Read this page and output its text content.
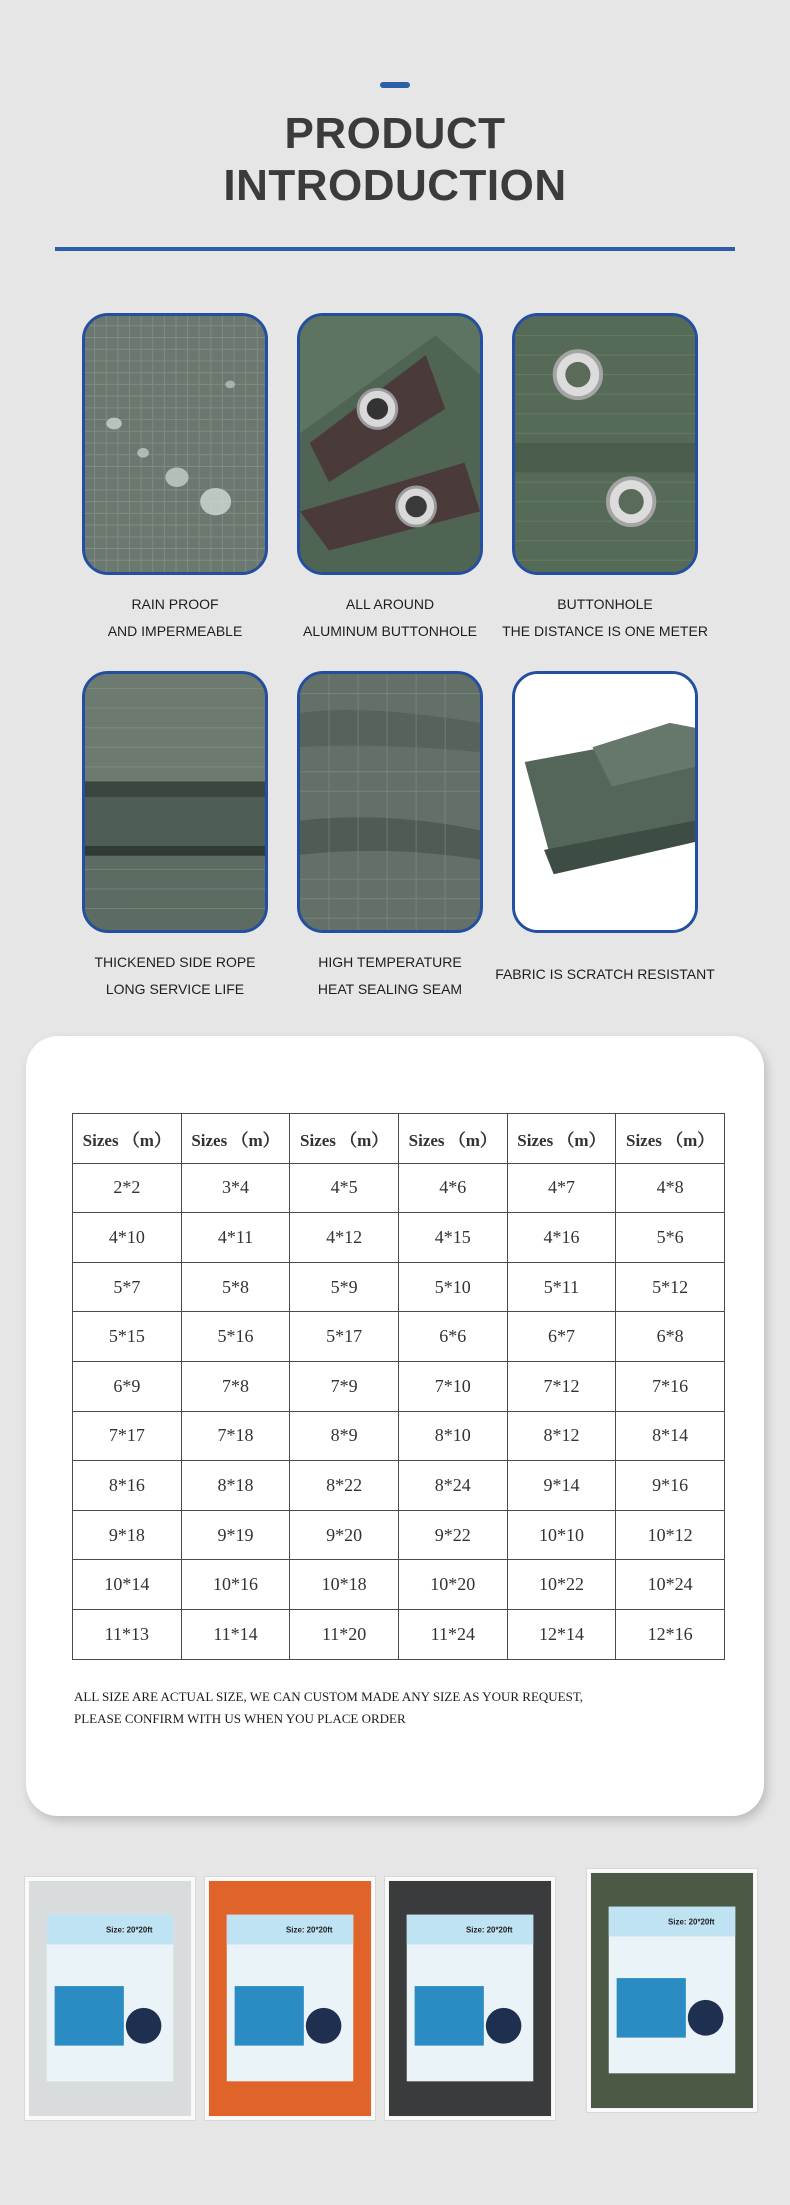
PRODUCT
INTRODUCTION
RAIN PROOF
AND IMPERMEABLE
ALL AROUND
ALUMINUM BUTTONHOLE
BUTTONHOLE
THE DISTANCE IS ONE METER
THICKENED SIDE ROPE
LONG SERVICE LIFE
HIGH TEMPERATURE
HEAT SEALING SEAM
FABRIC IS SCRATCH RESISTANT
Sizes （m）	Sizes （m）	Sizes （m）	Sizes （m）	Sizes （m）	Sizes （m）
2*2	3*4	4*5	4*6	4*7	4*8
4*10	4*11	4*12	4*15	4*16	5*6
5*7	5*8	5*9	5*10	5*11	5*12
5*15	5*16	5*17	6*6	6*7	6*8
6*9	7*8	7*9	7*10	7*12	7*16
7*17	7*18	8*9	8*10	8*12	8*14
8*16	8*18	8*22	8*24	9*14	9*16
9*18	9*19	9*20	9*22	10*10	10*12
10*14	10*16	10*18	10*20	10*22	10*24
11*13	11*14	11*20	11*24	12*14	12*16
ALL SIZE ARE ACTUAL SIZE, WE CAN CUSTOM MADE ANY SIZE AS YOUR REQUEST,
PLEASE CONFIRM WITH US WHEN YOU PLACE ORDER
Size: 20*20ft	Size: 20*20ft	Size: 20*20ft
Size: 20*20ft
